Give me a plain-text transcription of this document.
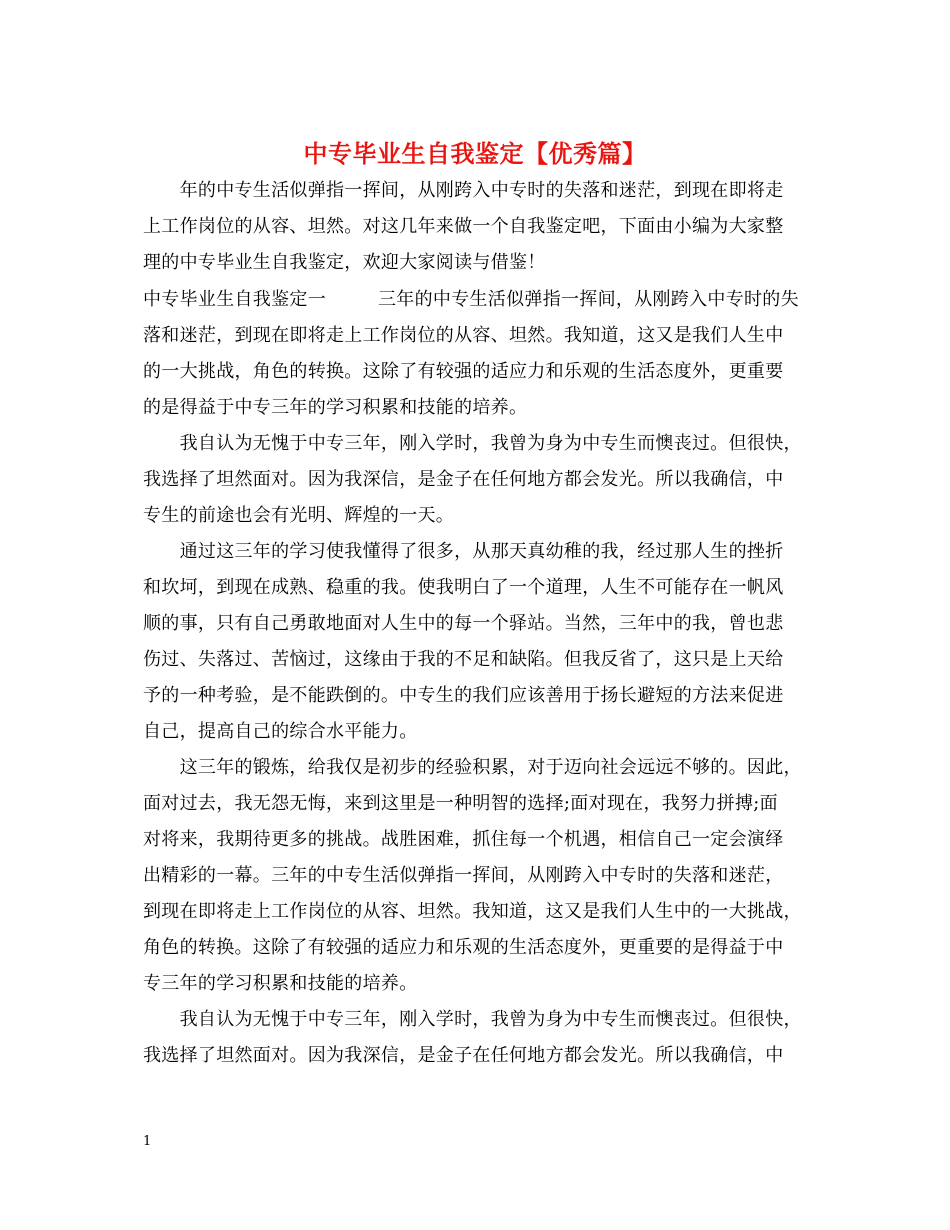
中专毕业生自我鉴定【优秀篇】
　　年的中专生活似弹指一挥间，从刚跨入中专时的失落和迷茫，到现在即将走
上工作岗位的从容、坦然。对这几年来做一个自我鉴定吧，下面由小编为大家整
理的中专毕业生自我鉴定，欢迎大家阅读与借鉴！
中专毕业生自我鉴定一	三年的中专生活似弹指一挥间，从刚跨入中专时的失
落和迷茫，到现在即将走上工作岗位的从容、坦然。我知道，这又是我们人生中
的一大挑战，角色的转换。这除了有较强的适应力和乐观的生活态度外，更重要
的是得益于中专三年的学习积累和技能的培养。
　　我自认为无愧于中专三年，刚入学时，我曾为身为中专生而懊丧过。但很快，
我选择了坦然面对。因为我深信，是金子在任何地方都会发光。所以我确信，中
专生的前途也会有光明、辉煌的一天。
　　通过这三年的学习使我懂得了很多，从那天真幼稚的我，经过那人生的挫折
和坎坷，到现在成熟、稳重的我。使我明白了一个道理，人生不可能存在一帆风
顺的事，只有自己勇敢地面对人生中的每一个驿站。当然，三年中的我，曾也悲
伤过、失落过、苦恼过，这缘由于我的不足和缺陷。但我反省了，这只是上天给
予的一种考验，是不能跌倒的。中专生的我们应该善用于扬长避短的方法来促进
自己，提高自己的综合水平能力。
　　这三年的锻炼，给我仅是初步的经验积累，对于迈向社会远远不够的。因此，
面对过去，我无怨无悔，来到这里是一种明智的选择;面对现在，我努力拼搏;面
对将来，我期待更多的挑战。战胜困难，抓住每一个机遇，相信自己一定会演绎
出精彩的一幕。三年的中专生活似弹指一挥间，从刚跨入中专时的失落和迷茫，
到现在即将走上工作岗位的从容、坦然。我知道，这又是我们人生中的一大挑战，
角色的转换。这除了有较强的适应力和乐观的生活态度外，更重要的是得益于中
专三年的学习积累和技能的培养。
　　我自认为无愧于中专三年，刚入学时，我曾为身为中专生而懊丧过。但很快，
我选择了坦然面对。因为我深信，是金子在任何地方都会发光。所以我确信，中
1
